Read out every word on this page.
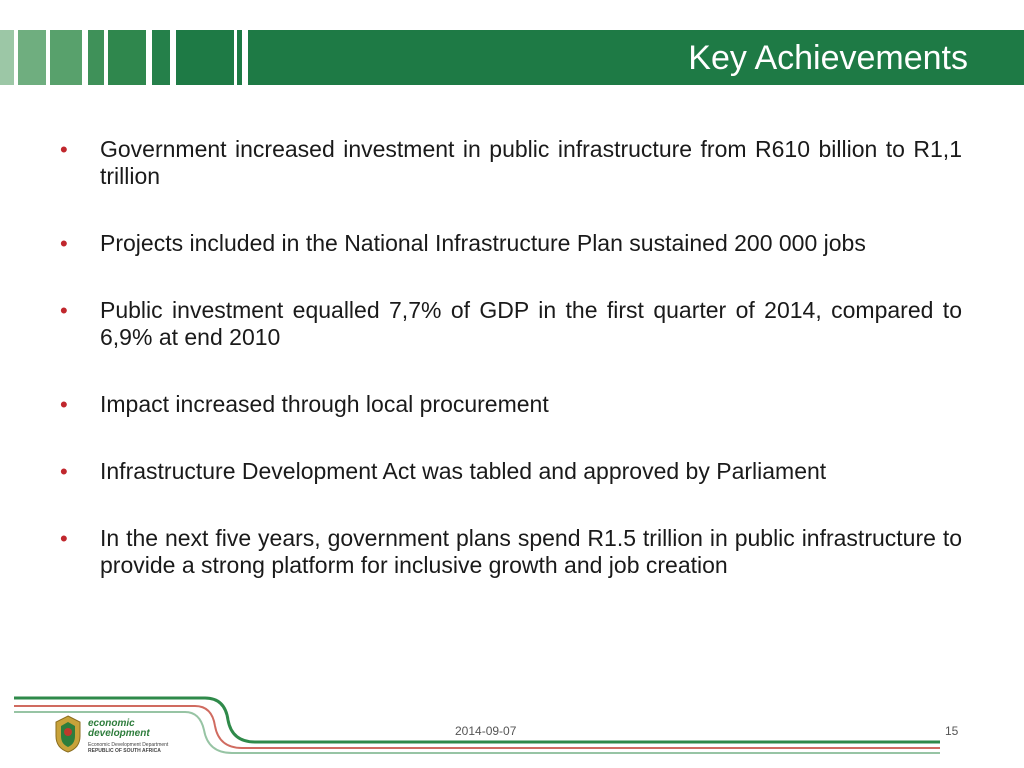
Key Achievements
• Government increased investment in public infrastructure from R610 billion to R1,1 trillion
• Projects included in the National Infrastructure Plan sustained 200 000 jobs
• Public investment equalled 7,7% of GDP in the first quarter of 2014, compared to 6,9% at end 2010
• Impact increased through local procurement
• Infrastructure Development Act was tabled and approved by Parliament
• In the next five years, government plans spend R1.5 trillion in public infrastructure to provide a strong platform for inclusive growth and job creation
economic
development
Economic Development Department
REPUBLIC OF SOUTH AFRICA
2014-09-07	15
